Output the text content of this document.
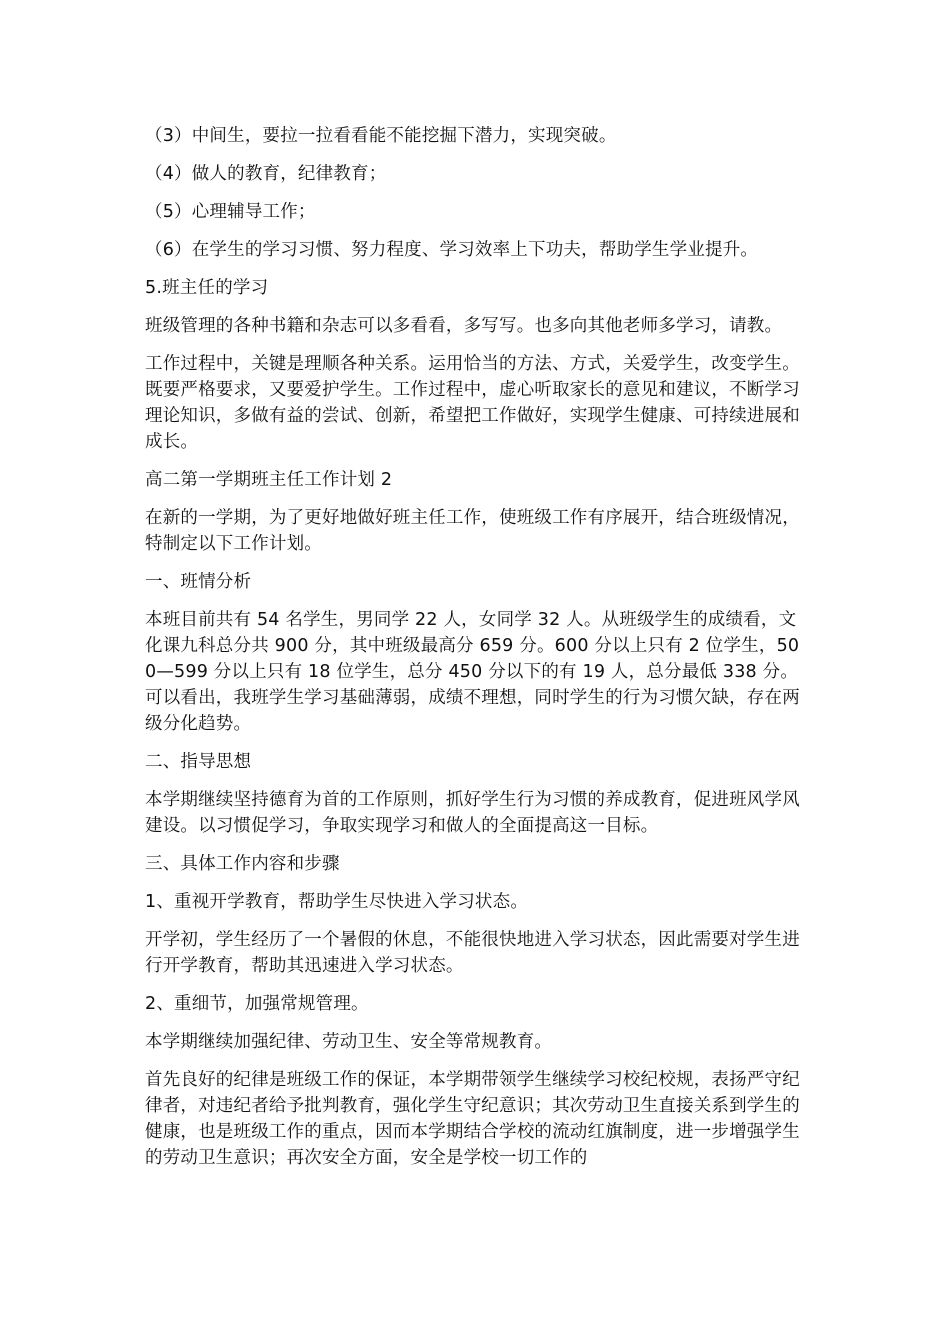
（3）中间生，要拉一拉看看能不能挖掘下潜力，实现突破。

（4）做人的教育，纪律教育；

（5）心理辅导工作；

（6）在学生的学习习惯、努力程度、学习效率上下功夫，帮助学生学业提升。

5.班主任的学习

班级管理的各种书籍和杂志可以多看看，多写写。也多向其他老师多学习，请教。

工作过程中，关键是理顺各种关系。运用恰当的方法、方式，关爱学生，改变学生。既要严格要求，又要爱护学生。工作过程中，虚心听取家长的意见和建议，不断学习理论知识，多做有益的尝试、创新，希望把工作做好，实现学生健康、可持续进展和成长。

高二第一学期班主任工作计划 2

在新的一学期，为了更好地做好班主任工作，使班级工作有序展开，结合班级情况，特制定以下工作计划。

一、班情分析

本班目前共有 54 名学生，男同学 22 人，女同学 32 人。从班级学生的成绩看，文化课九科总分共 900 分，其中班级最高分 659 分。600 分以上只有 2 位学生，500—599 分以上只有 18 位学生，总分 450 分以下的有 19 人，总分最低 338 分。可以看出，我班学生学习基础薄弱，成绩不理想，同时学生的行为习惯欠缺，存在两级分化趋势。

二、指导思想

本学期继续坚持德育为首的工作原则，抓好学生行为习惯的养成教育，促进班风学风建设。以习惯促学习，争取实现学习和做人的全面提高这一目标。

三、具体工作内容和步骤

1、重视开学教育，帮助学生尽快进入学习状态。

开学初，学生经历了一个暑假的休息，不能很快地进入学习状态，因此需要对学生进行开学教育，帮助其迅速进入学习状态。

2、重细节，加强常规管理。

本学期继续加强纪律、劳动卫生、安全等常规教育。

首先良好的纪律是班级工作的保证，本学期带领学生继续学习校纪校规，表扬严守纪律者，对违纪者给予批判教育，强化学生守纪意识；其次劳动卫生直接关系到学生的健康，也是班级工作的重点，因而本学期结合学校的流动红旗制度，进一步增强学生的劳动卫生意识；再次安全方面，安全是学校一切工作的
